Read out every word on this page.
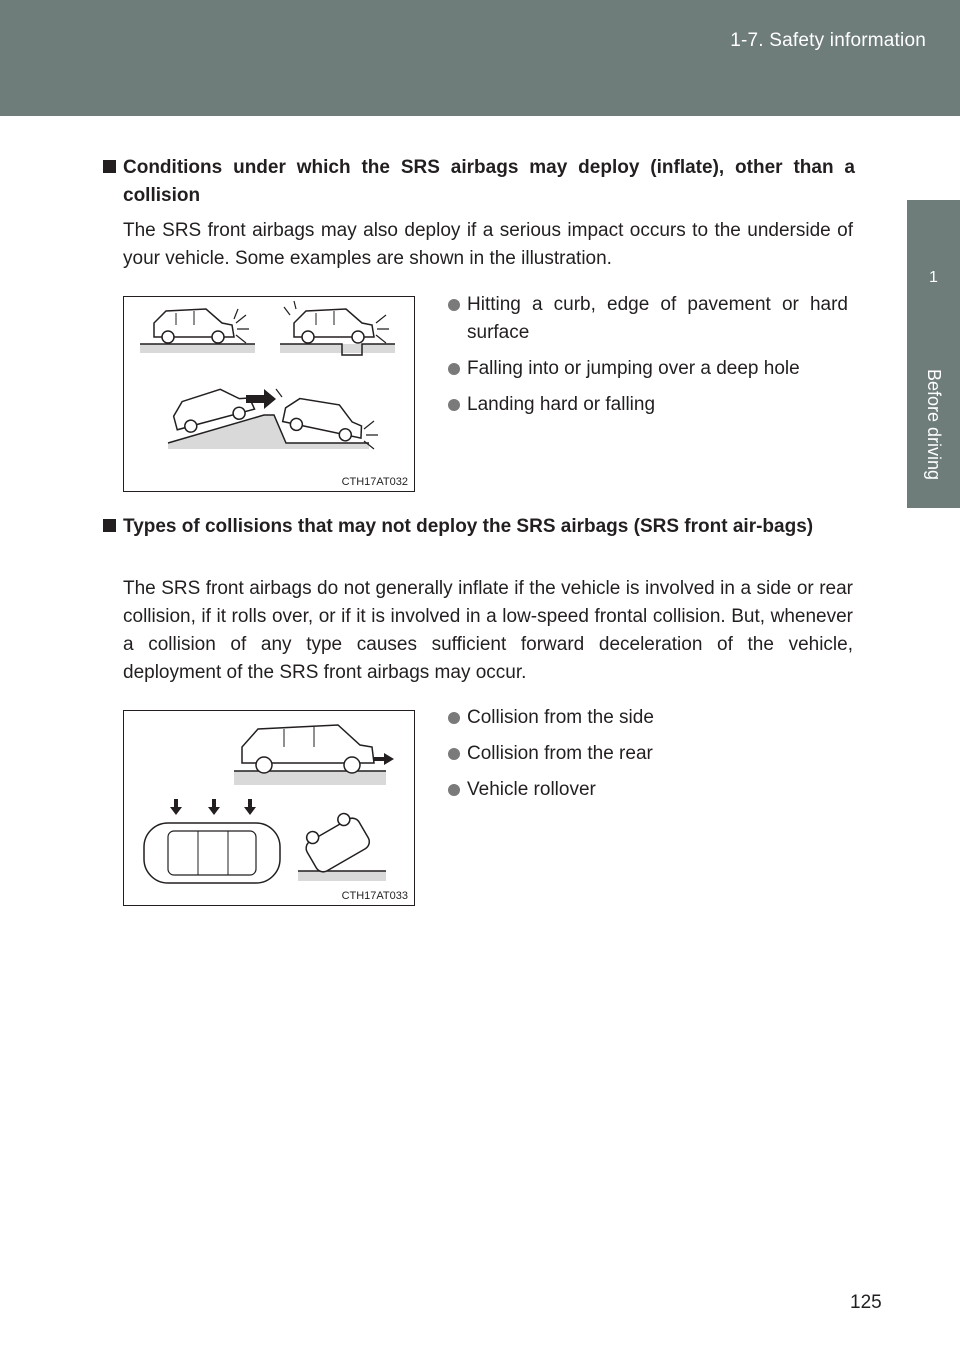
1-7. Safety information
1
Before driving
Conditions under which the SRS airbags may deploy (inflate), other than a collision
The SRS front airbags may also deploy if a serious impact occurs to the underside of your vehicle. Some examples are shown in the illustration.
CTH17AT032
Hitting a curb, edge of pavement or hard surface
Falling into or jumping over a deep hole
Landing hard or falling
Types of collisions that may not deploy the SRS airbags (SRS front air-bags)
The SRS front airbags do not generally inflate if the vehicle is involved in a side or rear collision, if it rolls over, or if it is involved in a low-speed frontal collision. But, whenever a collision of any type causes sufficient forward deceleration of the vehicle, deployment of the SRS front airbags may occur.
CTH17AT033
Collision from the side
Collision from the rear
Vehicle rollover
125
